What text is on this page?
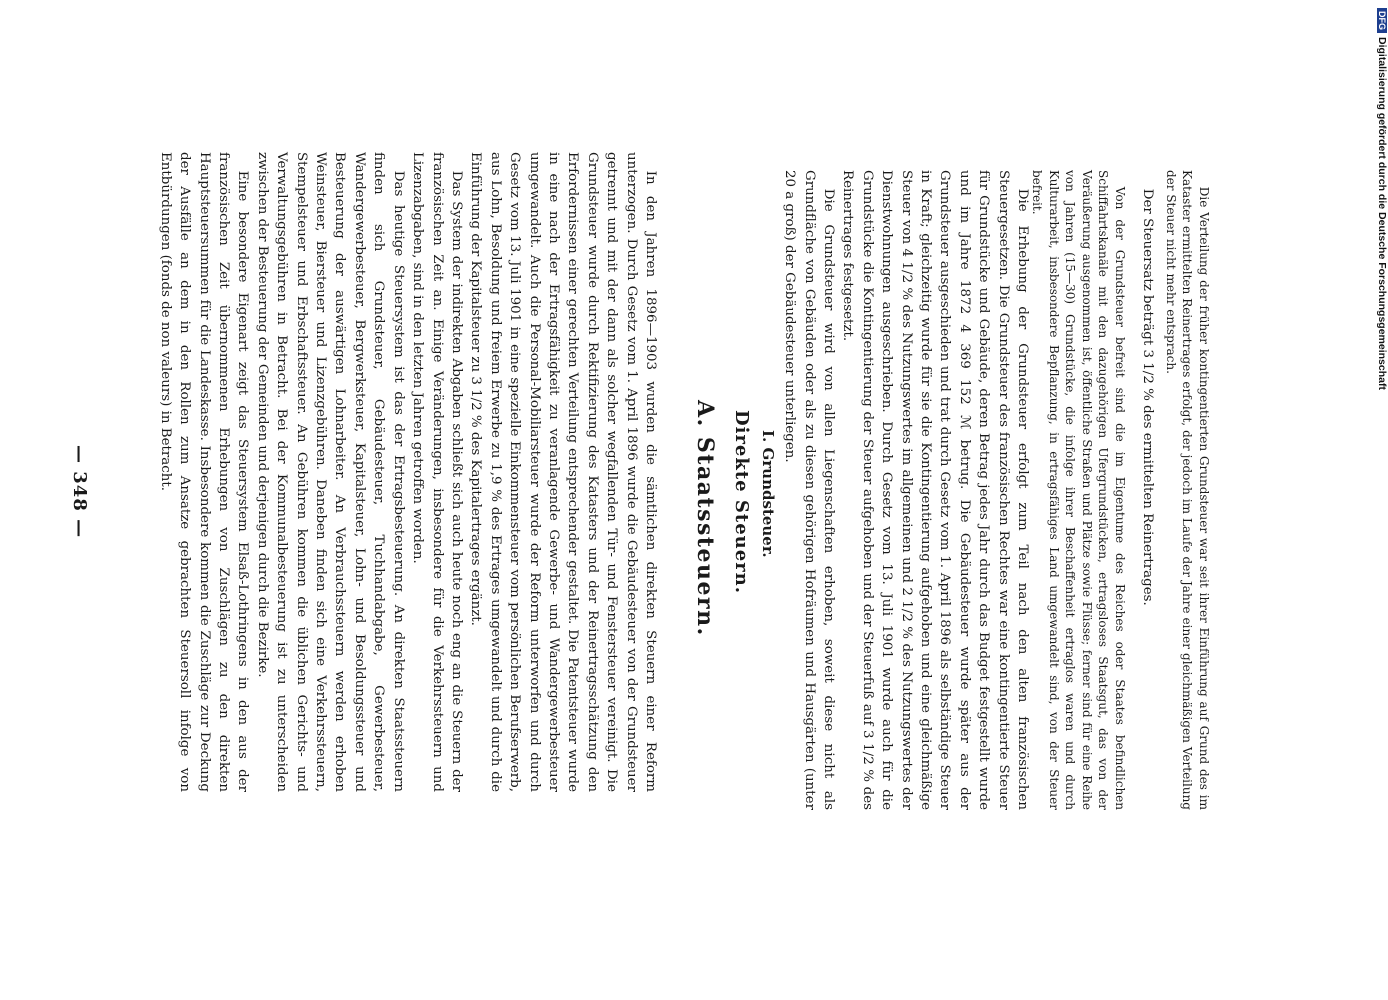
— 348 —	In den Jahren 1896—1903 wurden die sämtlichen direkten Steuern einer Reform unterzogen. Durch Gesetz vom 1. April 1896 wurde die Gebäudesteuer von der Grundsteuer getrennt und mit der dann als solcher wegfallenden Tür- und Fenstersteuer vereinigt. Die Grundsteuer wurde durch Rektifizierung des Katasters und der Reinertragsschätzung den Erfordernissen einer gerechten Verteilung entsprechender gestaltet. Die Patentsteuer wurde in eine nach der Ertragsfähigkeit zu veranlagende Gewerbe- und Wandergewerbesteuer umgewandelt. Auch die Personal-Mobiliarsteuer wurde der Reform unterworfen und durch Gesetz vom 13. Juli 1901 in eine spezielle Einkommensteuer vom persönlichen Berufserwerb, aus Lohn, Besoldung und freiem Erwerbe zu 1,9 % des Ertrages umgewandelt und durch die Einführung der Kapitalsteuer zu 3 1/2 % des Kapitalertrages ergänzt.

Das System der indirekten Abgaben schließt sich auch heute noch eng an die Steuern der französischen Zeit an. Einige Veränderungen, insbesondere für die Verkehrssteuern und Lizenzabgaben, sind in den letzten Jahren getroffen worden.

Das heutige Steuersystem ist das der Ertragsbesteuerung. An direkten Staatssteuern finden sich Grundsteuer, Gebäudesteuer, Tuchhandabgabe, Gewerbesteuer, Wandergewerbesteuer, Bergwerksteuer, Kapitalsteuer, Lohn- und Besoldungssteuer und Besteuerung der auswärtigen Lohnarbeiter. An Verbrauchssteuern werden erhoben Weinsteuer, Biersteuer und Lizenzgebühren. Daneben finden sich eine Verkehrssteuern, Stempelsteuer und Erbschaftssteuer. An Gebühren kommen die üblichen Gerichts- und Verwaltungsgebühren in Betracht. Bei der Kommunalbesteuerung ist zu unterscheiden zwischen der Besteuerung der Gemeinden und derjenigen durch die Bezirke.

Eine besondere Eigenart zeigt das Steuersystem Elsaß-Lothringens in den aus der französischen Zeit übernommenen Erhebungen von Zuschlägen zu den direkten Hauptsteuersummen für die Landeskasse. Insbesondere kommen die Zuschläge zur Deckung der Ausfälle an dem in den Rollen zum Ansatze gebrachten Steuersoll infolge von Entbürdungen (fonds de non valeurs) in Betracht.

A. Staatssteuern. Direkte Steuern. I. Grundsteuer.	Die Erhebung der Grundsteuer erfolgt zum Teil nach den alten französischen Steuergesetzen. Die Grundsteuer des französischen Rechtes war eine kontingentierte Steuer für Grundstücke und Gebäude, deren Betrag jedes Jahr durch das Budget festgestellt wurde und im Jahre 1872 4 369 152 ℳ betrug. Die Gebäudesteuer wurde später aus der Grundsteuer ausgeschieden und trat durch Gesetz vom 1. April 1896 als selbständige Steuer in Kraft; gleichzeitig wurde für sie die Kontingentierung aufgehoben und eine gleichmäßige Steuer von 4 1/2 % des Nutzungswertes im allgemeinen und 2 1/2 % des Nutzungswertes der Dienstwohnungen ausgeschrieben. Durch Gesetz vom 13. Juli 1901 wurde auch für die Grundstücke die Kontingentierung der Steuer aufgehoben und der Steuerfuß auf 3 1/2 % des Reinertrages festgesetzt.

Die Grundsteuer wird von allen Liegenschaften erhoben, soweit diese nicht als Grundfläche von Gebäuden oder als zu diesen gehörigen Hofräumen und Hausgärten (unter 20 a groß) der Gebäudesteuer unterliegen.	Von der Grundsteuer befreit sind die im Eigentume des Reiches oder Staates befindlichen Schiffahrtskanäle mit den dazugehörigen Ufergrundstücken, ertragsloses Staatsgut, das von der Veräußerung ausgenommen ist, öffentliche Straßen und Plätze sowie Flüsse; ferner sind für eine Reihe von Jahren (15—30) Grundstücke, die infolge ihrer Beschaffenheit ertraglos waren und durch Kulturarbeit, insbesondere Bepflanzung, in ertragsfähiges Land umgewandelt sind, von der Steuer befreit.	Der Steuersatz beträgt 3 1/2 % des ermittelten Reinertrages.	Die Verteilung der früher kontingentierten Grundsteuer war seit ihrer Einführung auf Grund des im Kataster ermittelten Reinertrages erfolgt, der jedoch im Laufe der Jahre einer gleichmäßigen Verteilung der Steuer nicht mehr entsprach.

DFGDigitalisierung gefördert durch die Deutsche Forschungsgemeinschaft
